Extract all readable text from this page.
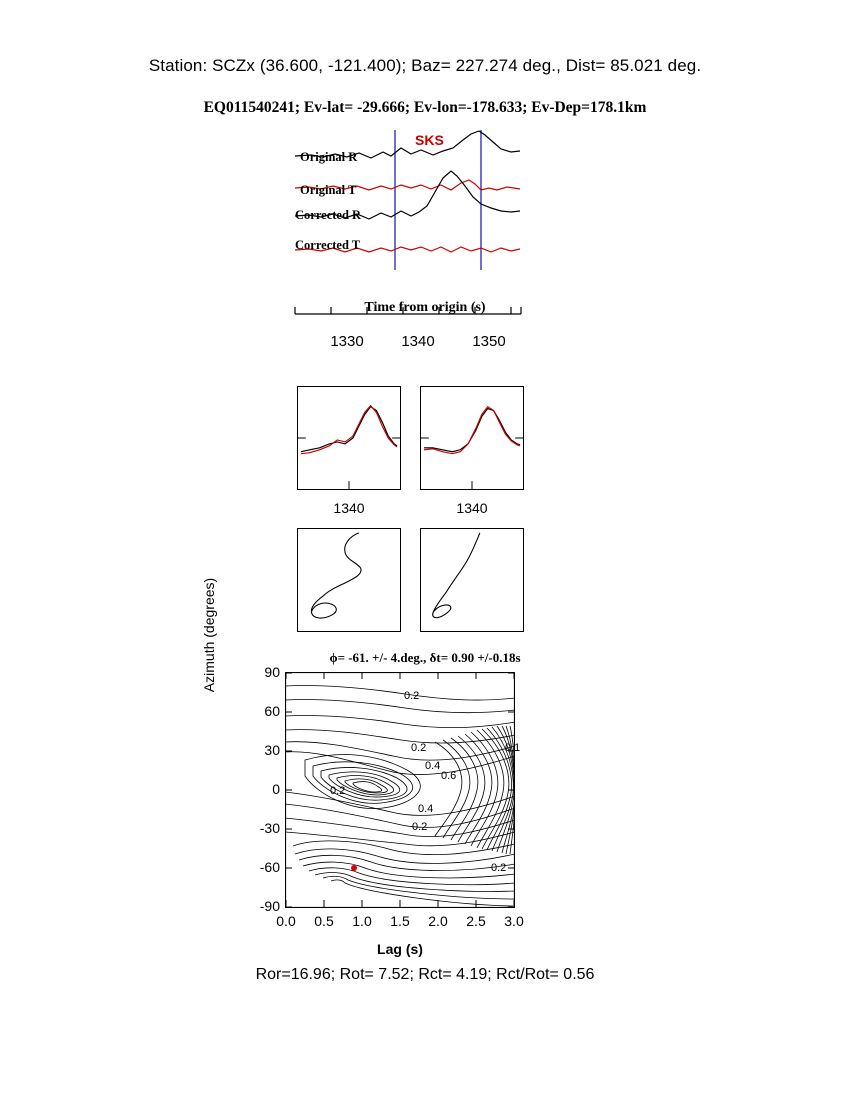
Station: SCZx (36.600, -121.400); Baz= 227.274 deg., Dist= 85.021 deg.
EQ011540241; Ev-lat= -29.666; Ev-lon=-178.633; Ev-Dep=178.1km
SKS
Original R
Original T
Corrected R
Corrected T
Time from origin (s)
1330	1340	1350
1340	1340
ϕ= -61. +/- 4.deg., δt= 0.90 +/-0.18s
Azimuth (degrees)
0.2
0.2
0.4
0.6
0.2
0.4
0.2
0.2
0.1
90
60
30
0
-30
-60
-90
0.0	0.5	1.0	1.5	2.0	2.5	3.0
Lag (s)
Ror=16.96; Rot= 7.52; Rct= 4.19; Rct/Rot= 0.56
